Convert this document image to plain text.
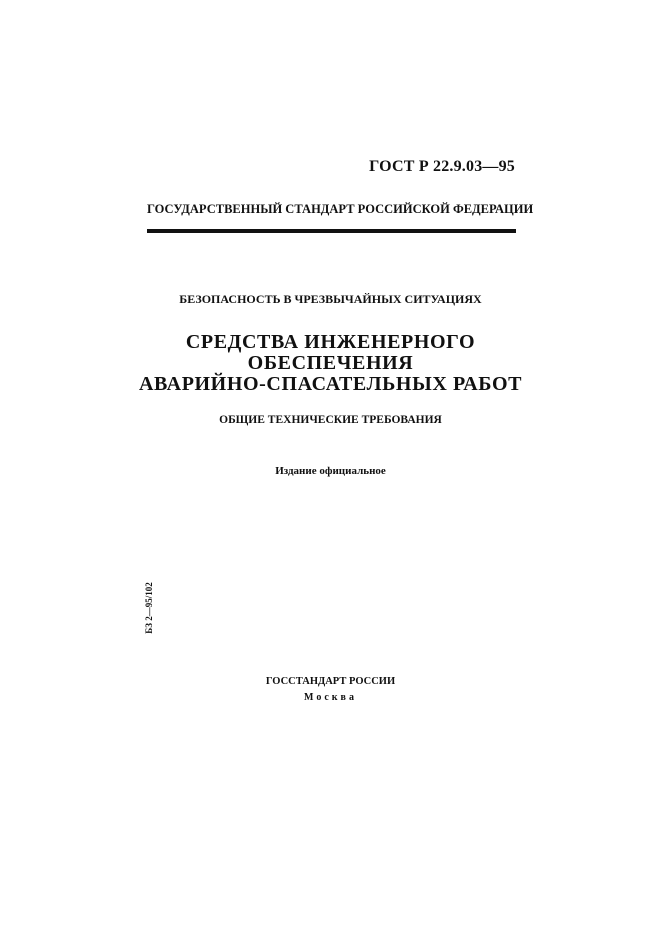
ГОСТ Р 22.9.03—95
ГОСУДАРСТВЕННЫЙ СТАНДАРТ РОССИЙСКОЙ ФЕДЕРАЦИИ
БЕЗОПАСНОСТЬ В ЧРЕЗВЫЧАЙНЫХ СИТУАЦИЯХ
СРЕДСТВА ИНЖЕНЕРНОГО
ОБЕСПЕЧЕНИЯ
АВАРИЙНО-СПАСАТЕЛЬНЫХ РАБОТ
ОБЩИЕ ТЕХНИЧЕСКИЕ ТРЕБОВАНИЯ
Издание официальное
БЗ 2—95/102
ГОССТАНДАРТ РОССИИ
Москва
